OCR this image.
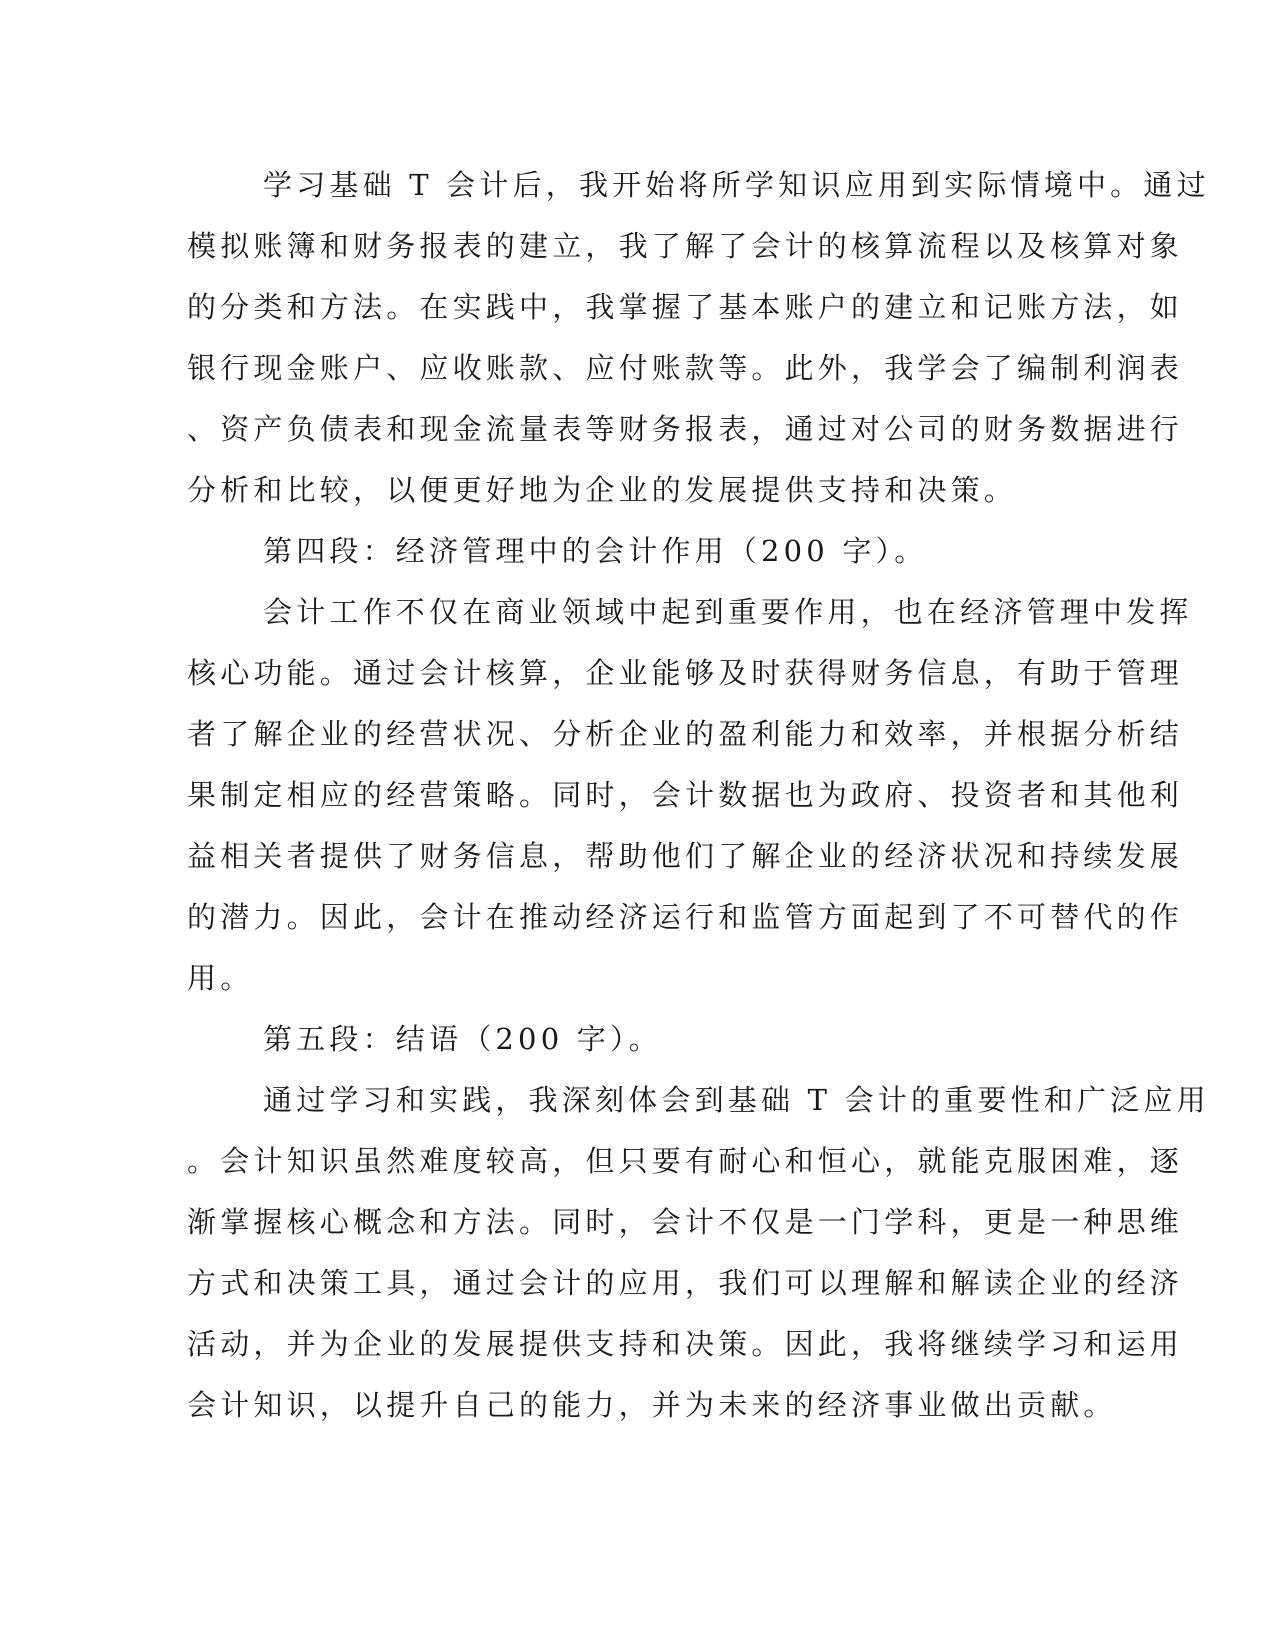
学习基础 T 会计后，我开始将所学知识应用到实际情境中。通过
模拟账簿和财务报表的建立，我了解了会计的核算流程以及核算对象
的分类和方法。在实践中，我掌握了基本账户的建立和记账方法，如
银行现金账户、应收账款、应付账款等。此外，我学会了编制利润表
、资产负债表和现金流量表等财务报表，通过对公司的财务数据进行
分析和比较，以便更好地为企业的发展提供支持和决策。
第四段：经济管理中的会计作用（200 字）。
会计工作不仅在商业领域中起到重要作用，也在经济管理中发挥
核心功能。通过会计核算，企业能够及时获得财务信息，有助于管理
者了解企业的经营状况、分析企业的盈利能力和效率，并根据分析结
果制定相应的经营策略。同时，会计数据也为政府、投资者和其他利
益相关者提供了财务信息，帮助他们了解企业的经济状况和持续发展
的潜力。因此，会计在推动经济运行和监管方面起到了不可替代的作
用。
第五段：结语（200 字）。
通过学习和实践，我深刻体会到基础 T 会计的重要性和广泛应用
。会计知识虽然难度较高，但只要有耐心和恒心，就能克服困难，逐
渐掌握核心概念和方法。同时，会计不仅是一门学科，更是一种思维
方式和决策工具，通过会计的应用，我们可以理解和解读企业的经济
活动，并为企业的发展提供支持和决策。因此，我将继续学习和运用
会计知识，以提升自己的能力，并为未来的经济事业做出贡献。
